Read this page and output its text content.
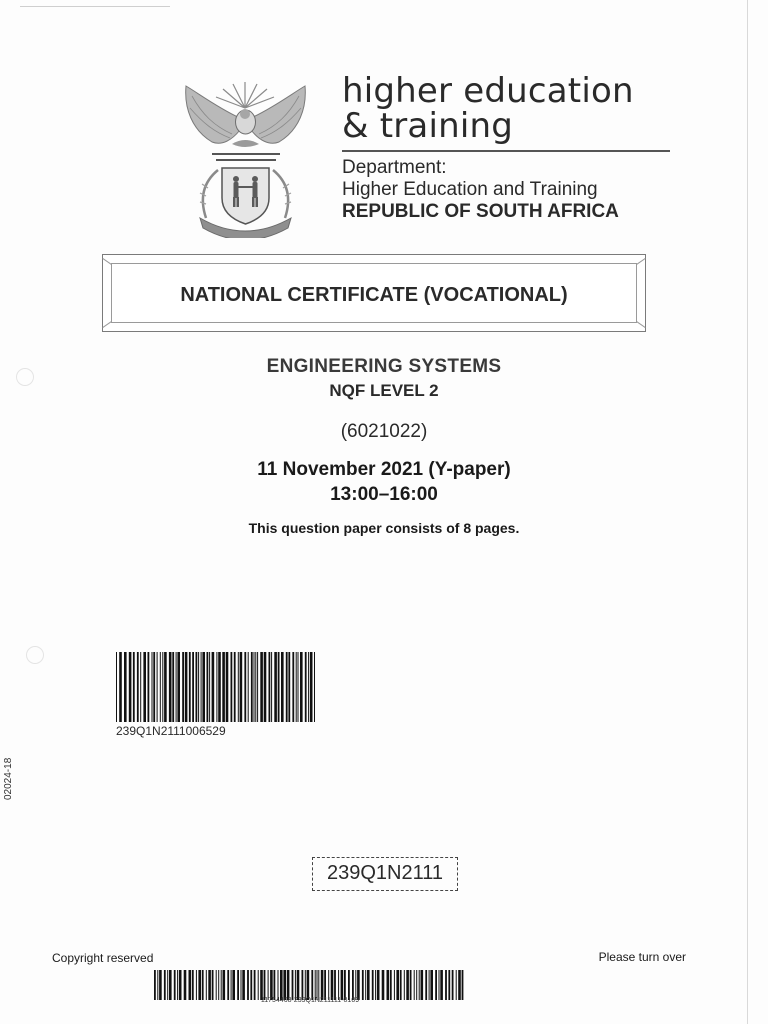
higher education
& training
Department:
Higher Education and Training
REPUBLIC OF SOUTH AFRICA
NATIONAL CERTIFICATE (VOCATIONAL)
ENGINEERING SYSTEMS
NQF LEVEL 2
(6021022)
11 November 2021 (Y-paper)
13:00–16:00
This question paper consists of 8 pages.
239Q1N2111006529
02024-18
239Q1N2111
Copyright reserved	Please turn over
11754468-239Q1N211111-0109
